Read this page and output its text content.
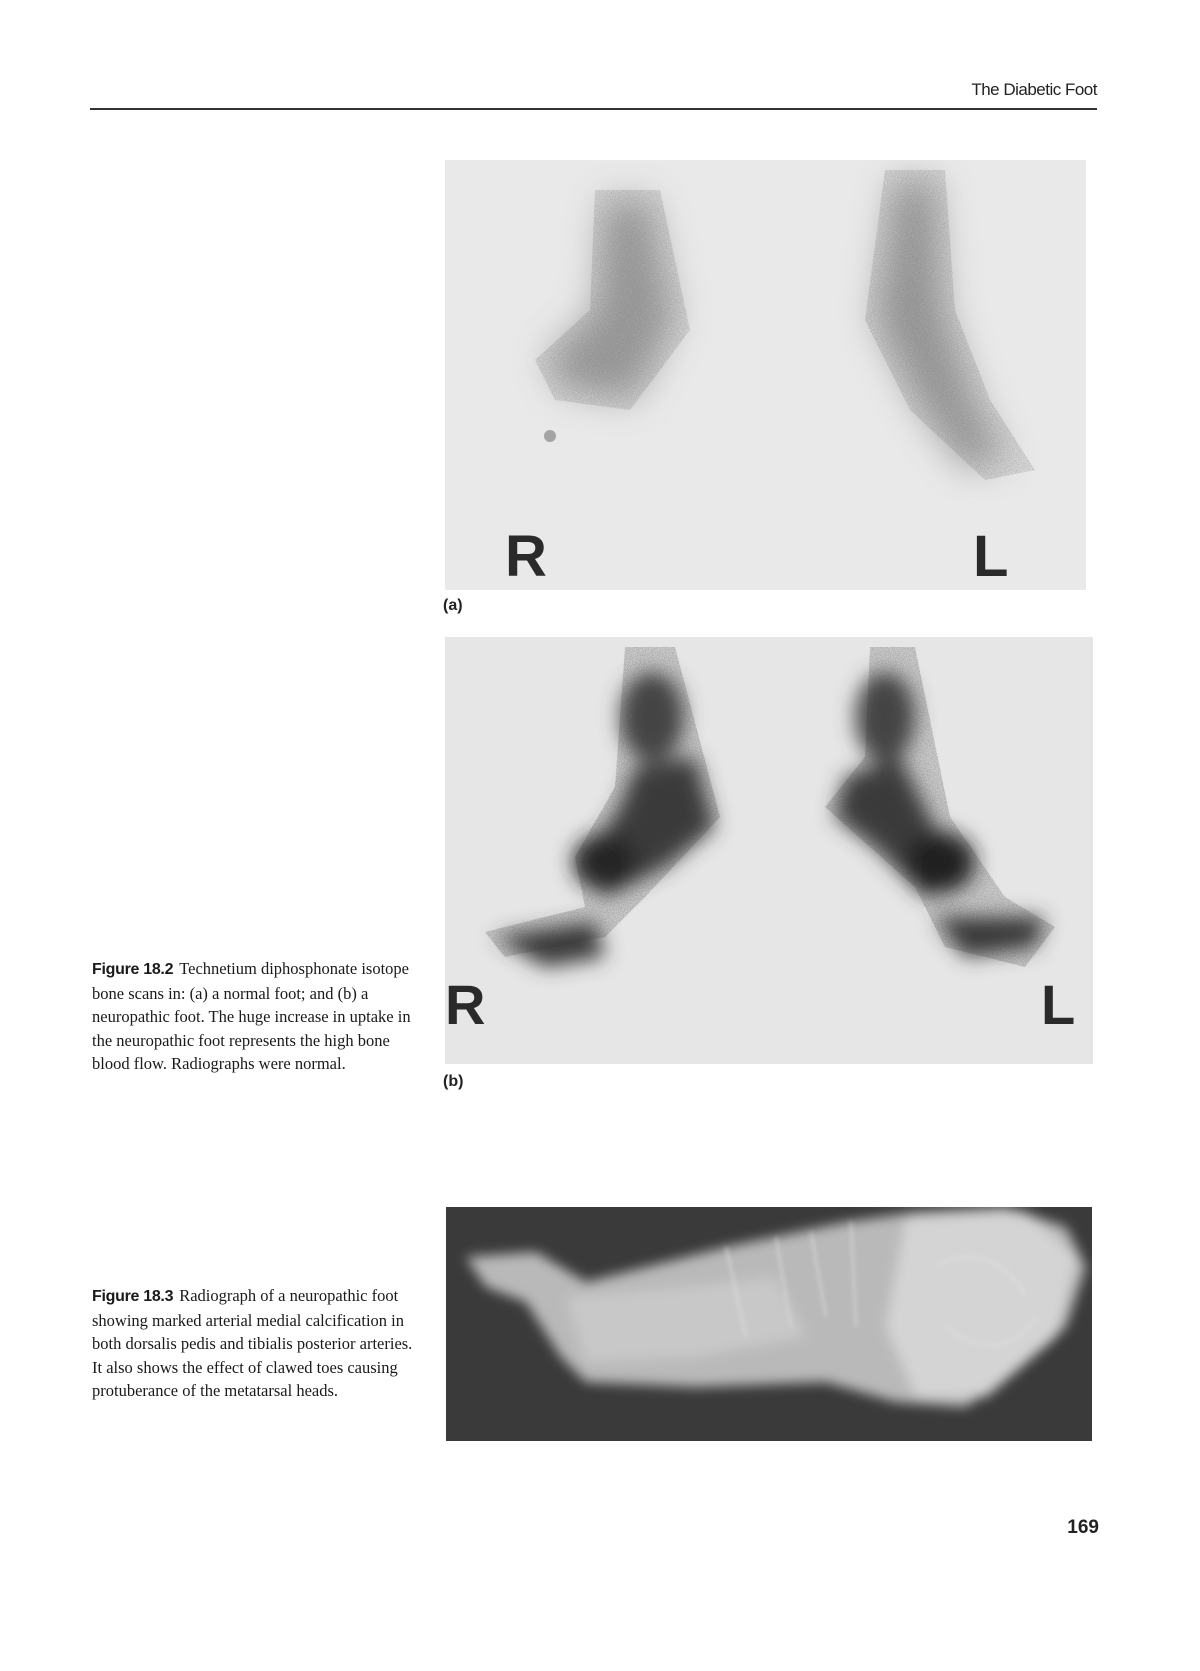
The Diabetic Foot
R	L
(a)
R	L
(b)
Figure 18.2 Technetium diphosphonate isotope bone scans in: (a) a normal foot; and (b) a neuropathic foot. The huge increase in uptake in the neuropathic foot represents the high bone blood flow. Radiographs were normal.
Figure 18.3 Radiograph of a neuropathic foot showing marked arterial medial calcification in both dorsalis pedis and tibialis posterior arteries. It also shows the effect of clawed toes causing protuberance of the metatarsal heads.
169
